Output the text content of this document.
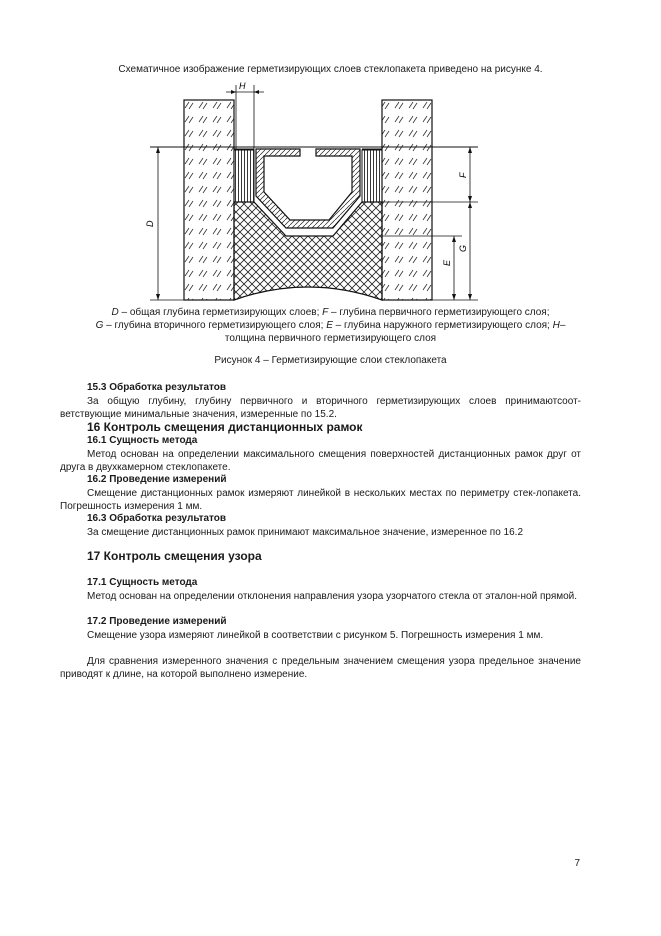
Схематичное изображение герметизирующих слоев стеклопакета приведено на рисунке 4.
H
D
F
G
E
D – общая глубина герметизирующих слоев; F – глубина первичного герметизирующего слоя;
G – глубина вторичного герметизирующего слоя; E – глубина наружного герметизирующего слоя; H–
толщина первичного герметизирующего слоя
Рисунок 4 – Герметизирующие слои стеклопакета
15.3 Обработка результатов
За общую глубину, глубину первичного и вторичного герметизирующих слоев принимаютсоот-ветствующие минимальные значения, измеренные по 15.2.
16 Контроль смещения дистанционных рамок
16.1 Сущность метода
Метод основан на определении максимального смещения поверхностей дистанционных рамок друг от друга в двухкамерном стеклопакете.
16.2 Проведение измерений
Смещение дистанционных рамок измеряют линейкой в нескольких местах по периметру стек-лопакета. Погрешность измерения 1 мм.
16.3 Обработка результатов
За смещение дистанционных рамок принимают максимальное значение, измеренное по 16.2
17 Контроль смещения узора
17.1 Сущность метода
Метод основан на определении отклонения направления узора узорчатого стекла от эталон-ной прямой.
17.2 Проведение измерений
Смещение узора измеряют линейкой в соответствии с рисунком 5. Погрешность измерения 1 мм.
Для сравнения измеренного значения с предельным значением смещения узора предельное значение приводят к длине, на которой выполнено измерение.
7
